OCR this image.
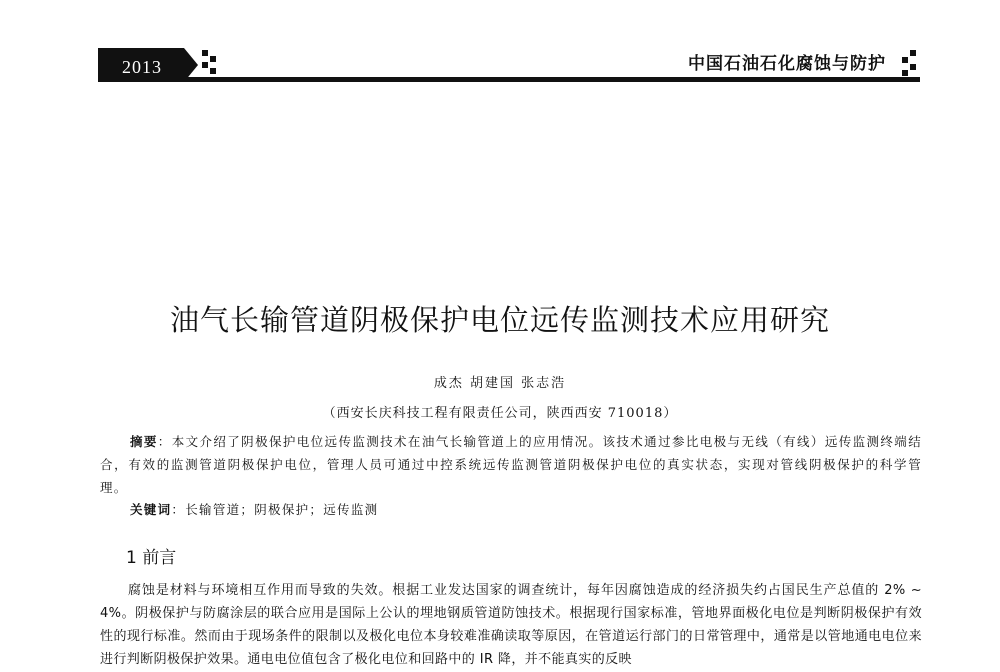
2013	中国石油石化腐蚀与防护
油气长输管道阴极保护电位远传监测技术应用研究
成杰 胡建国 张志浩
（西安长庆科技工程有限责任公司，陕西西安 710018）
摘要：本文介绍了阴极保护电位远传监测技术在油气长输管道上的应用情况。该技术通过参比电极与无线（有线）远传监测终端结合，有效的监测管道阴极保护电位，管理人员可通过中控系统远传监测管道阴极保护电位的真实状态，实现对管线阴极保护的科学管理。
关键词：长输管道；阴极保护；远传监测
1 前言

腐蚀是材料与环境相互作用而导致的失效。根据工业发达国家的调查统计，每年因腐蚀造成的经济损失约占国民生产总值的 2% ~ 4%。阴极保护与防腐涂层的联合应用是国际上公认的埋地钢质管道防蚀技术。根据现行国家标准，管地界面极化电位是判断阴极保护有效性的现行标准。然而由于现场条件的限制以及极化电位本身较难准确读取等原因，在管道运行部门的日常管理中，通常是以管地通电电位来进行判断阴极保护效果。通电电位值包含了极化电位和回路中的 IR 降，并不能真实的反映
